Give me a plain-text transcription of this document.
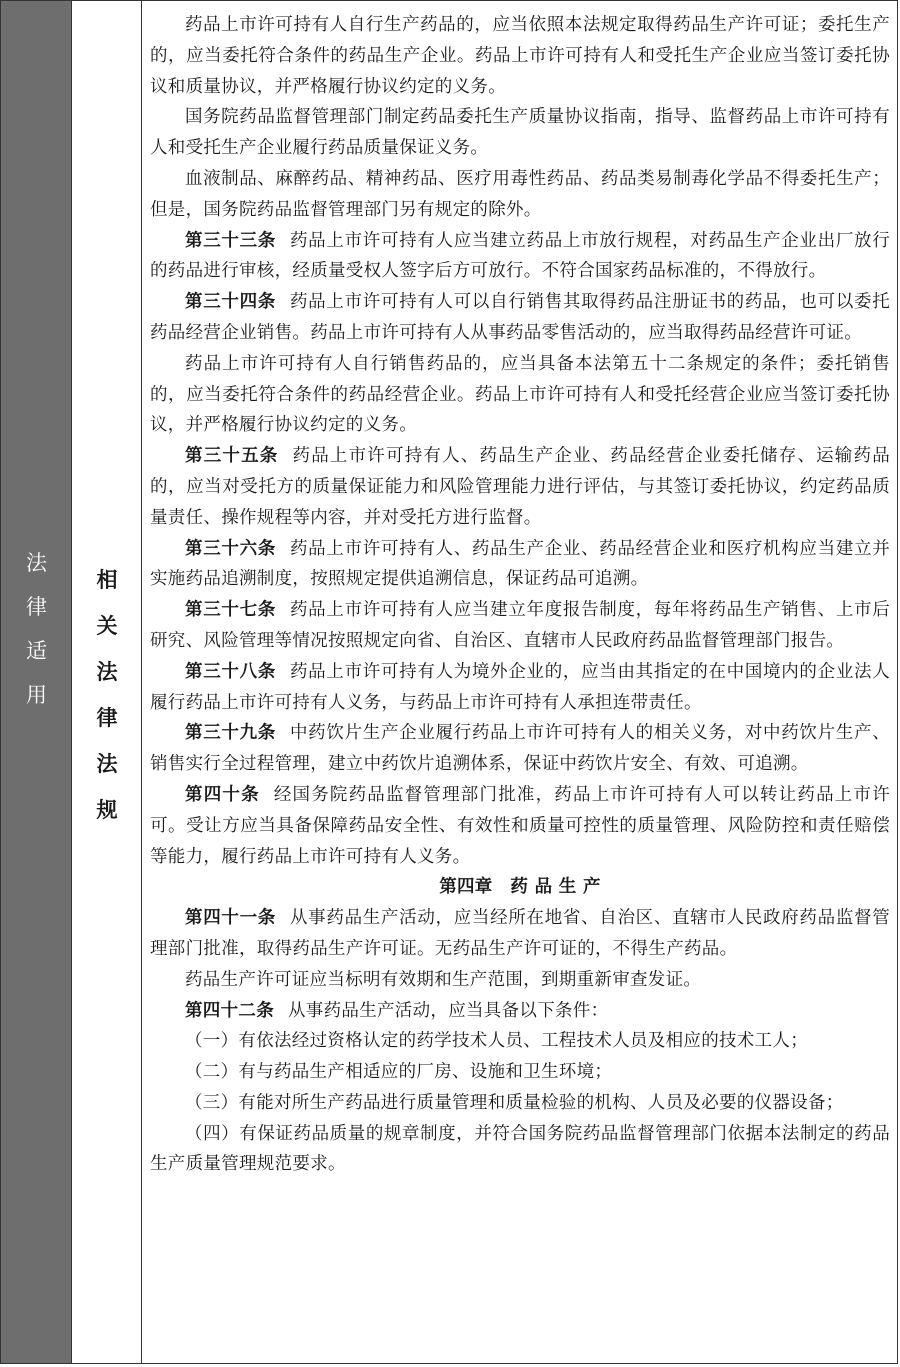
法
律
适
用
相
关
法
律
法
规

药品上市许可持有人自行生产药品的，应当依照本法规定取得药品生产许可证；委托生产的，应当委托符合条件的药品生产企业。药品上市许可持有人和受托生产企业应当签订委托协议和质量协议，并严格履行协议约定的义务。

国务院药品监督管理部门制定药品委托生产质量协议指南，指导、监督药品上市许可持有人和受托生产企业履行药品质量保证义务。

血液制品、麻醉药品、精神药品、医疗用毒性药品、药品类易制毒化学品不得委托生产；但是，国务院药品监督管理部门另有规定的除外。

第三十三条 药品上市许可持有人应当建立药品上市放行规程，对药品生产企业出厂放行的药品进行审核，经质量受权人签字后方可放行。不符合国家药品标准的，不得放行。

第三十四条 药品上市许可持有人可以自行销售其取得药品注册证书的药品，也可以委托药品经营企业销售。药品上市许可持有人从事药品零售活动的，应当取得药品经营许可证。

药品上市许可持有人自行销售药品的，应当具备本法第五十二条规定的条件；委托销售的，应当委托符合条件的药品经营企业。药品上市许可持有人和受托经营企业应当签订委托协议，并严格履行协议约定的义务。

第三十五条 药品上市许可持有人、药品生产企业、药品经营企业委托储存、运输药品的，应当对受托方的质量保证能力和风险管理能力进行评估，与其签订委托协议，约定药品质量责任、操作规程等内容，并对受托方进行监督。

第三十六条 药品上市许可持有人、药品生产企业、药品经营企业和医疗机构应当建立并实施药品追溯制度，按照规定提供追溯信息，保证药品可追溯。

第三十七条 药品上市许可持有人应当建立年度报告制度，每年将药品生产销售、上市后研究、风险管理等情况按照规定向省、自治区、直辖市人民政府药品监督管理部门报告。

第三十八条 药品上市许可持有人为境外企业的，应当由其指定的在中国境内的企业法人履行药品上市许可持有人义务，与药品上市许可持有人承担连带责任。

第三十九条 中药饮片生产企业履行药品上市许可持有人的相关义务，对中药饮片生产、销售实行全过程管理，建立中药饮片追溯体系，保证中药饮片安全、有效、可追溯。

第四十条 经国务院药品监督管理部门批准，药品上市许可持有人可以转让药品上市许可。受让方应当具备保障药品安全性、有效性和质量可控性的质量管理、风险防控和责任赔偿等能力，履行药品上市许可持有人义务。

第四章　药 品 生 产

第四十一条 从事药品生产活动，应当经所在地省、自治区、直辖市人民政府药品监督管理部门批准，取得药品生产许可证。无药品生产许可证的，不得生产药品。

药品生产许可证应当标明有效期和生产范围，到期重新审查发证。

第四十二条 从事药品生产活动，应当具备以下条件：

（一）有依法经过资格认定的药学技术人员、工程技术人员及相应的技术工人；

（二）有与药品生产相适应的厂房、设施和卫生环境；

（三）有能对所生产药品进行质量管理和质量检验的机构、人员及必要的仪器设备；

（四）有保证药品质量的规章制度，并符合国务院药品监督管理部门依据本法制定的药品生产质量管理规范要求。
